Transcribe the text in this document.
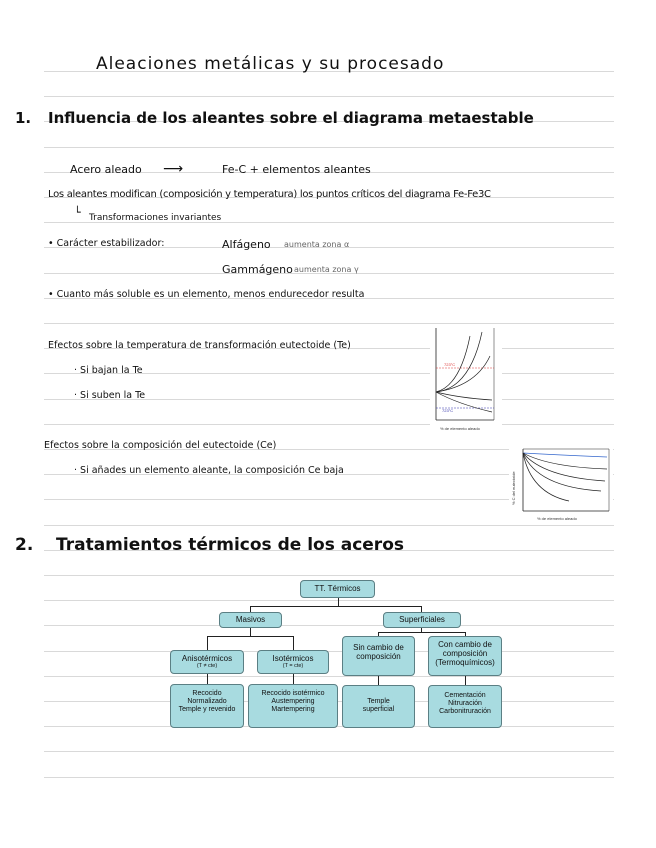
Aleaciones metálicas y su procesado
1. Influencia de los aleantes sobre el diagrama metaestable
Acero aleado ⟶	Fe-C + elementos aleantes
Los aleantes modifican (composición y temperatura) los puntos críticos del diagrama Fe-Fe3C
└ Transformaciones invariantes
• Carácter estabilizador:	Alfágeno aumenta zona α
Gammágeno aumenta zona γ
• Cuanto más soluble es un elemento, menos endurecedor resulta
Efectos sobre la temperatura de transformación eutectoide (Te)
· Si bajan la Te
· Si suben la Te
Efectos sobre la composición del eutectoide (Ce)
· Si añades un elemento aleante, la composición Ce baja
723°C
723°C
% de elemento aleado
% de elemento aleado
% C del eutectoide
2. Tratamientos térmicos de los aceros
TT. Térmicos
Masivos	Superficiales
Anisotérmicos
(T ≠ cte)
Isotérmicos
(T = cte)
Sin cambio de composición
Con cambio de composición (Termoquímicos)
Recocido
Normalizado
Temple y revenido
Recocido isotérmico
Austempering
Martempering
Temple superficial
Cementación
Nitruración
Carbonitruración
